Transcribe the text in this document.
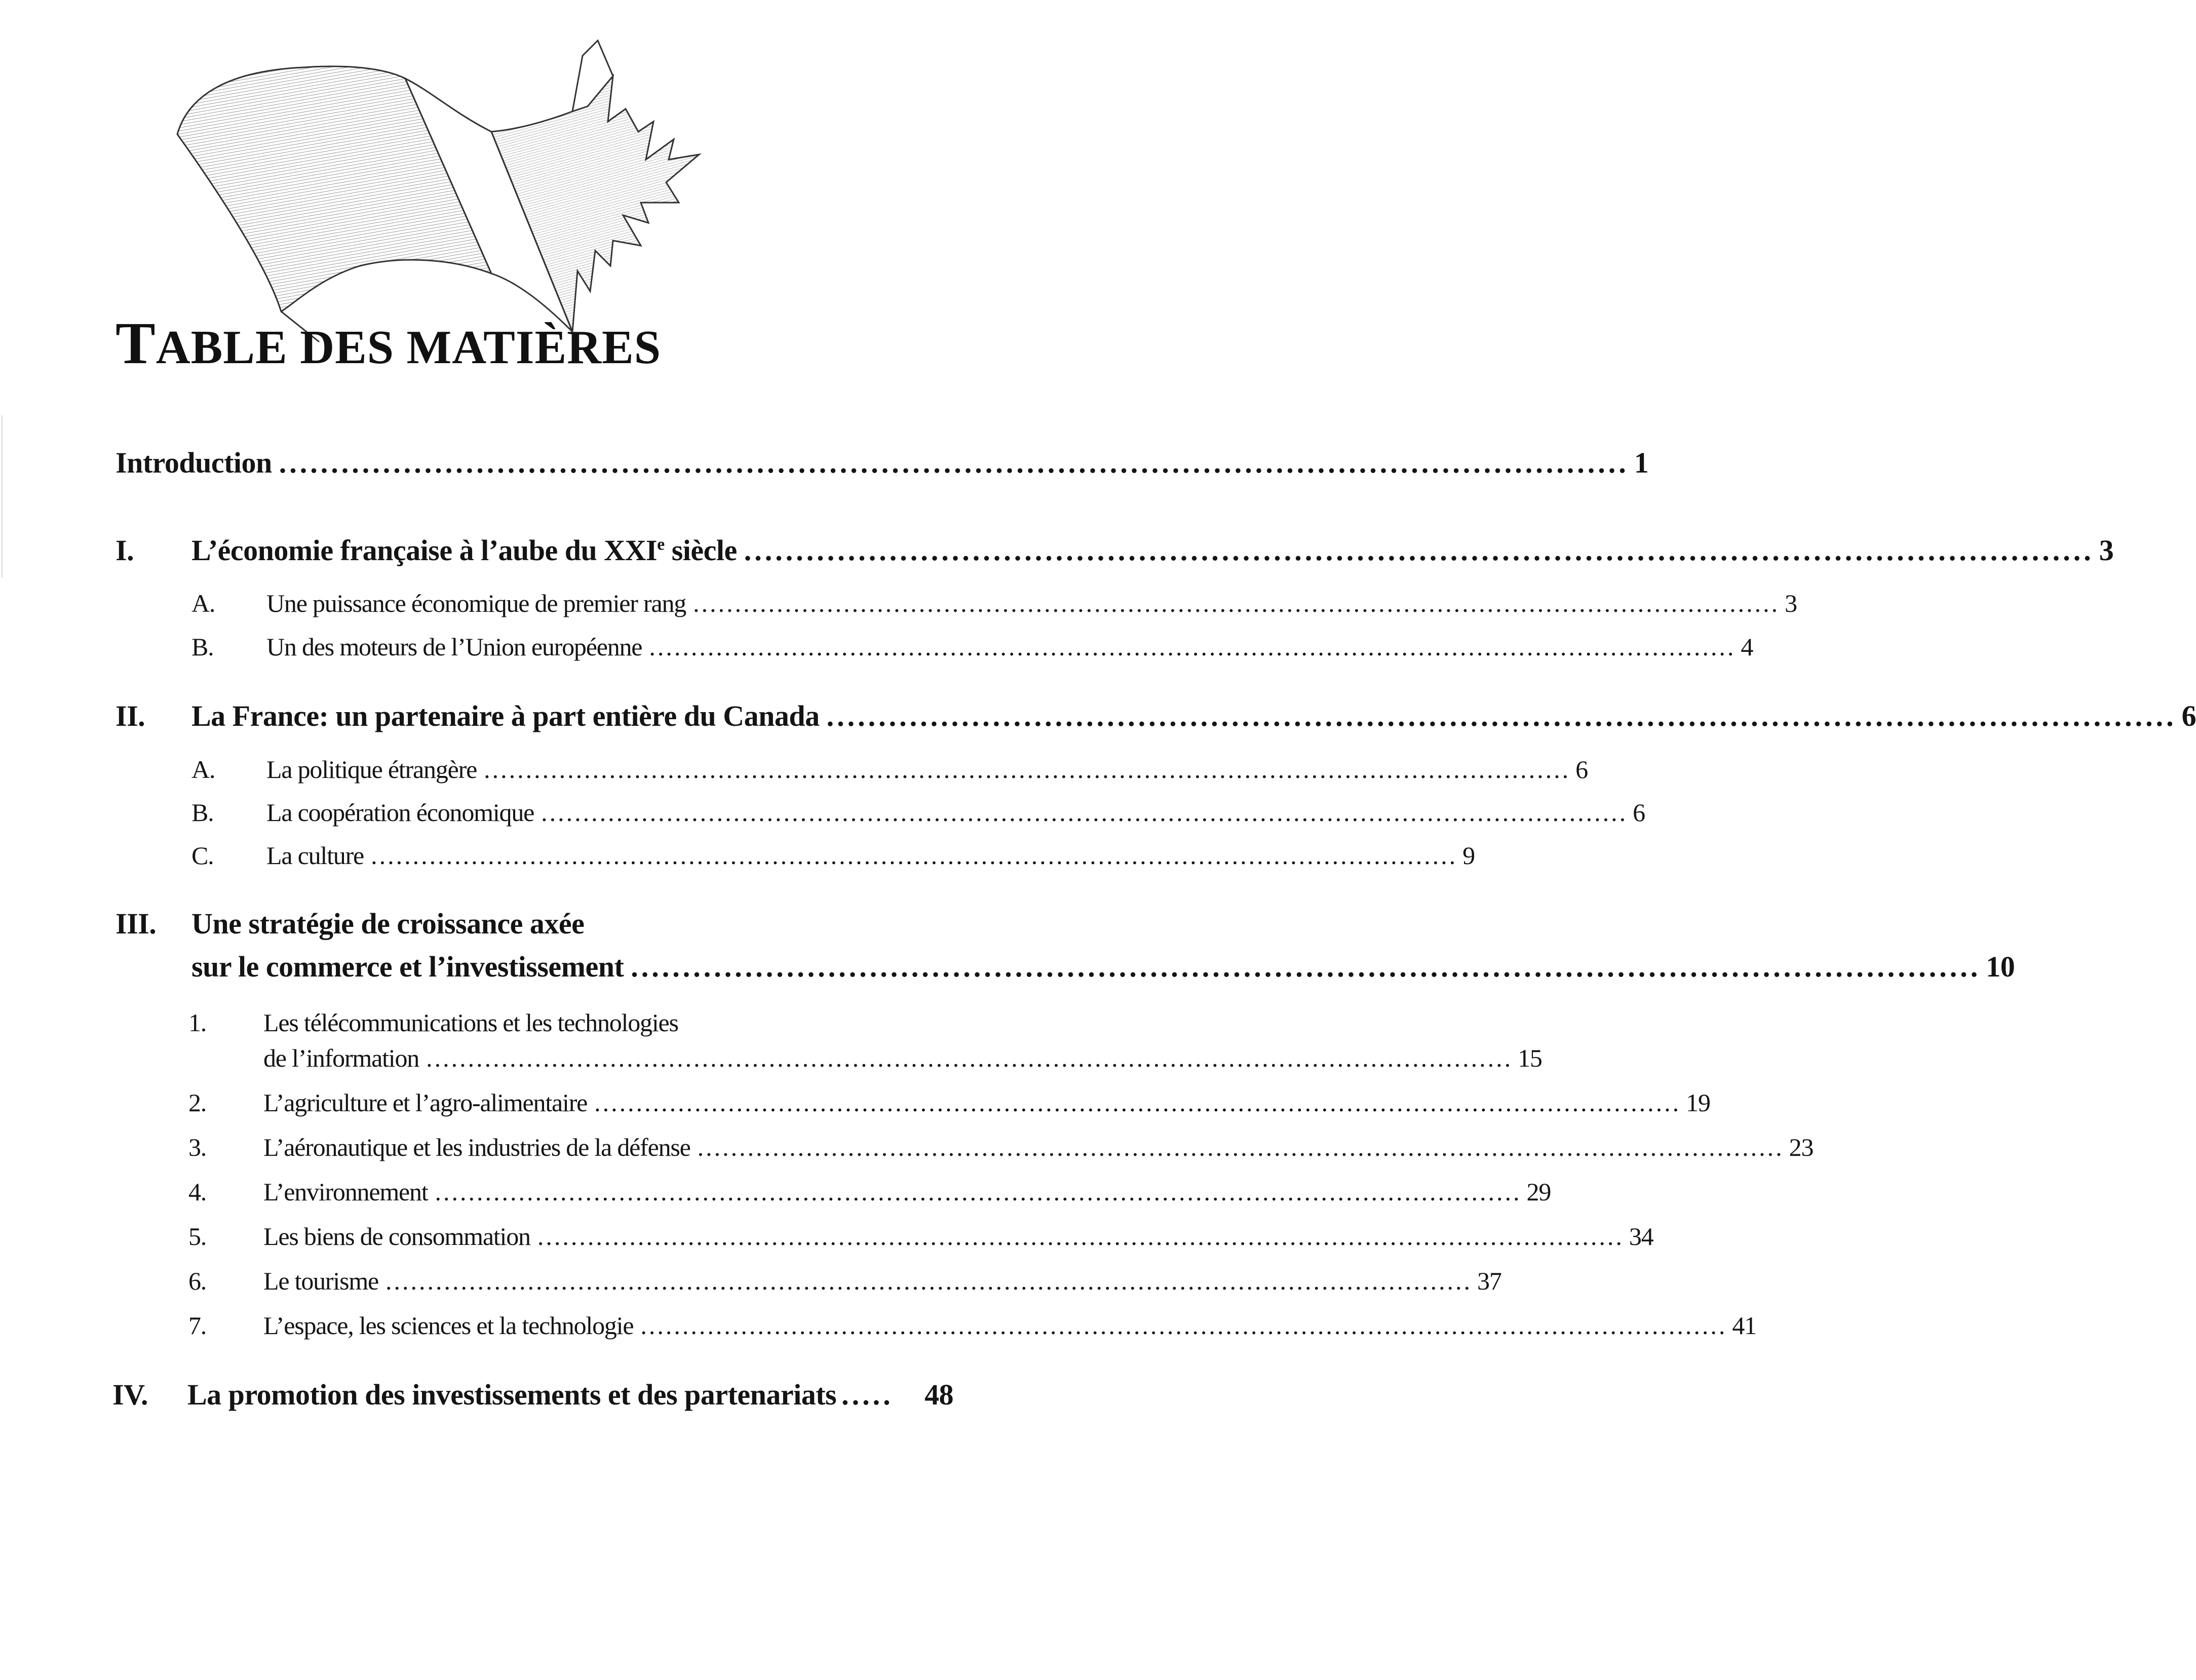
TABLE DES MATIÈRES
Introduction .................................................................................................................................. 1
I. L’économie française à l’aube du XXIe siècle .................................................................................................................................. 3
A. Une puissance économique de premier rang .................................................................................................................................. 3
B. Un des moteurs de l’Union européenne .................................................................................................................................. 4
II. La France: un partenaire à part entière du Canada .................................................................................................................................. 6
A. La politique étrangère .................................................................................................................................. 6
B. La coopération économique .................................................................................................................................. 6
C. La culture .................................................................................................................................. 9
III. Une stratégie de croissance axée
sur le commerce et l’investissement .................................................................................................................................. 10
1. Les télécommunications et les technologies
de l’information .................................................................................................................................. 15
2. L’agriculture et l’agro-alimentaire .................................................................................................................................. 19
3. L’aéronautique et les industries de la défense .................................................................................................................................. 23
4. L’environnement .................................................................................................................................. 29
5. Les biens de consommation .................................................................................................................................. 34
6. Le tourisme .................................................................................................................................. 37
7. L’espace, les sciences et la technologie .................................................................................................................................. 41
IV. La promotion des investissements et des partenariats .....	48
